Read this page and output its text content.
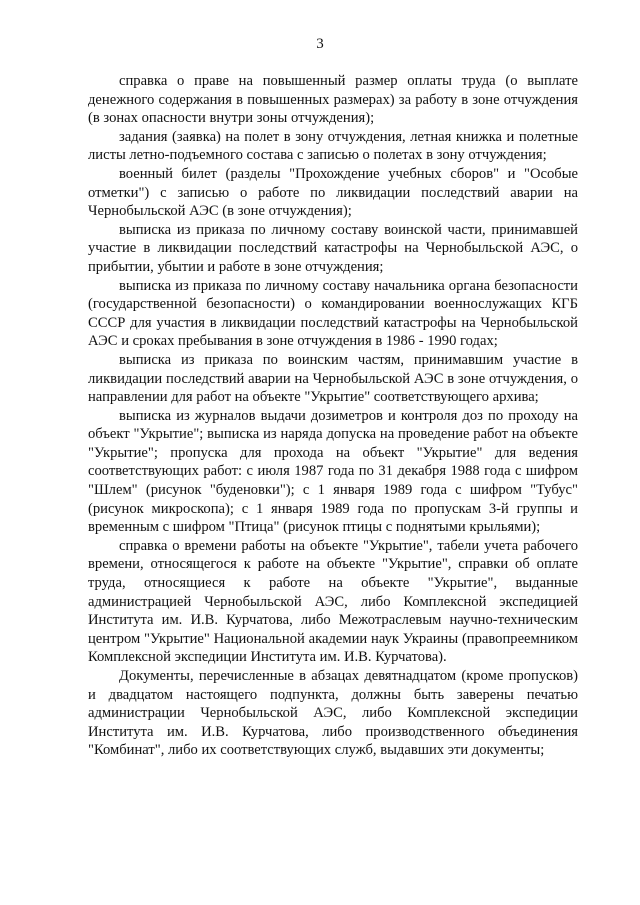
3

справка о праве на повышенный размер оплаты труда (о выплате денежного содержания в повышенных размерах) за работу в зоне отчуждения (в зонах опасности внутри зоны отчуждения);

задания (заявка) на полет в зону отчуждения, летная книжка и полетные листы летно-подъемного состава с записью о полетах в зону отчуждения;

военный билет (разделы "Прохождение учебных сборов" и "Особые отметки") с записью о работе по ликвидации последствий аварии на Чернобыльской АЭС (в зоне отчуждения);

выписка из приказа по личному составу воинской части, принимавшей участие в ликвидации последствий катастрофы на Чернобыльской АЭС, о прибытии, убытии и работе в зоне отчуждения;

выписка из приказа по личному составу начальника органа безопасности (государственной безопасности) о командировании военнослужащих КГБ СССР для участия в ликвидации последствий катастрофы на Чернобыльской АЭС и сроках пребывания в зоне отчуждения в 1986 - 1990 годах;

выписка из приказа по воинским частям, принимавшим участие в ликвидации последствий аварии на Чернобыльской АЭС в зоне отчуждения, о направлении для работ на объекте "Укрытие" соответствующего архива;

выписка из журналов выдачи дозиметров и контроля доз по проходу на объект "Укрытие"; выписка из наряда допуска на проведение работ на объекте "Укрытие"; пропуска для прохода на объект "Укрытие" для ведения соответствующих работ: с июля 1987 года по 31 декабря 1988 года с шифром "Шлем" (рисунок "буденовки"); с 1 января 1989 года с шифром "Тубус" (рисунок микроскопа); с 1 января 1989 года по пропускам 3-й группы и временным с шифром "Птица" (рисунок птицы с поднятыми крыльями);

справка о времени работы на объекте "Укрытие", табели учета рабочего времени, относящегося к работе на объекте "Укрытие", справки об оплате труда, относящиеся к работе на объекте "Укрытие", выданные администрацией Чернобыльской АЭС, либо Комплексной экспедицией Института им. И.В. Курчатова, либо Межотраслевым научно-техническим центром "Укрытие" Национальной академии наук Украины (правопреемником Комплексной экспедиции Института им. И.В. Курчатова).

Документы, перечисленные в абзацах девятнадцатом (кроме пропусков) и двадцатом настоящего подпункта, должны быть заверены печатью администрации Чернобыльской АЭС, либо Комплексной экспедиции Института им. И.В. Курчатова, либо производственного объединения "Комбинат", либо их соответствующих служб, выдавших эти документы;
